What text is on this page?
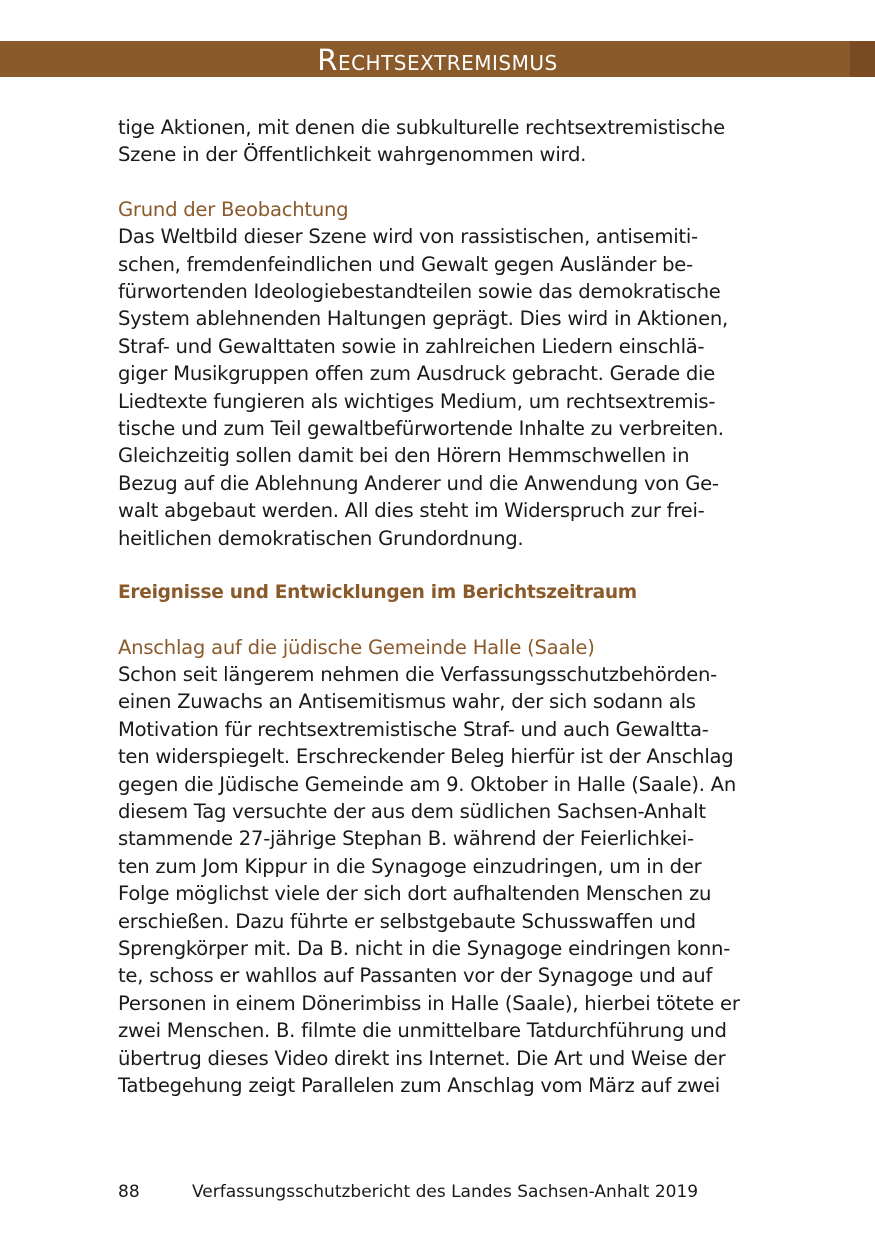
Rechtsextremismus

tige Aktionen, mit denen die subkulturelle rechtsextremistische
Szene in der Öffentlichkeit wahrgenommen wird.

Grund der Beobachtung

Das Weltbild dieser Szene wird von rassistischen, antisemiti-
schen, fremdenfeindlichen und Gewalt gegen Ausländer be-
fürwortenden Ideologiebestandteilen sowie das demokratische
System ablehnenden Haltungen geprägt. Dies wird in Aktionen,
Straf- und Gewalttaten sowie in zahlreichen Liedern einschlä-
giger Musikgruppen offen zum Ausdruck gebracht. Gerade die
Liedtexte fungieren als wichtiges Medium, um rechtsextremis-
tische und zum Teil gewaltbefürwortende Inhalte zu verbreiten.
Gleichzeitig sollen damit bei den Hörern Hemmschwellen in
Bezug auf die Ablehnung Anderer und die Anwendung von Ge-
walt abgebaut werden. All dies steht im Widerspruch zur frei-
heitlichen demokratischen Grundordnung.

Ereignisse und Entwicklungen im Berichtszeitraum

Anschlag auf die jüdische Gemeinde Halle (Saale)

Schon seit längerem nehmen die Verfassungsschutzbehörden-
einen Zuwachs an Antisemitismus wahr, der sich sodann als
Motivation für rechtsextremistische Straf- und auch Gewaltta-
ten widerspiegelt. Erschreckender Beleg hierfür ist der Anschlag
gegen die Jüdische Gemeinde am 9. Oktober in Halle (Saale). An
diesem Tag versuchte der aus dem südlichen Sachsen-Anhalt
stammende 27-jährige Stephan B. während der Feierlichkei-
ten zum Jom Kippur in die Synagoge einzudringen, um in der
Folge möglichst viele der sich dort aufhaltenden Menschen zu
erschießen. Dazu führte er selbstgebaute Schusswaffen und
Sprengkörper mit. Da B. nicht in die Synagoge eindringen konn-
te, schoss er wahllos auf Passanten vor der Synagoge und auf
Personen in einem Dönerimbiss in Halle (Saale), hierbei tötete er
zwei Menschen. B. filmte die unmittelbare Tatdurchführung und
übertrug dieses Video direkt ins Internet. Die Art und Weise der
Tatbegehung zeigt Parallelen zum Anschlag vom März auf zwei

88	Verfassungsschutzbericht des Landes Sachsen-Anhalt 2019
